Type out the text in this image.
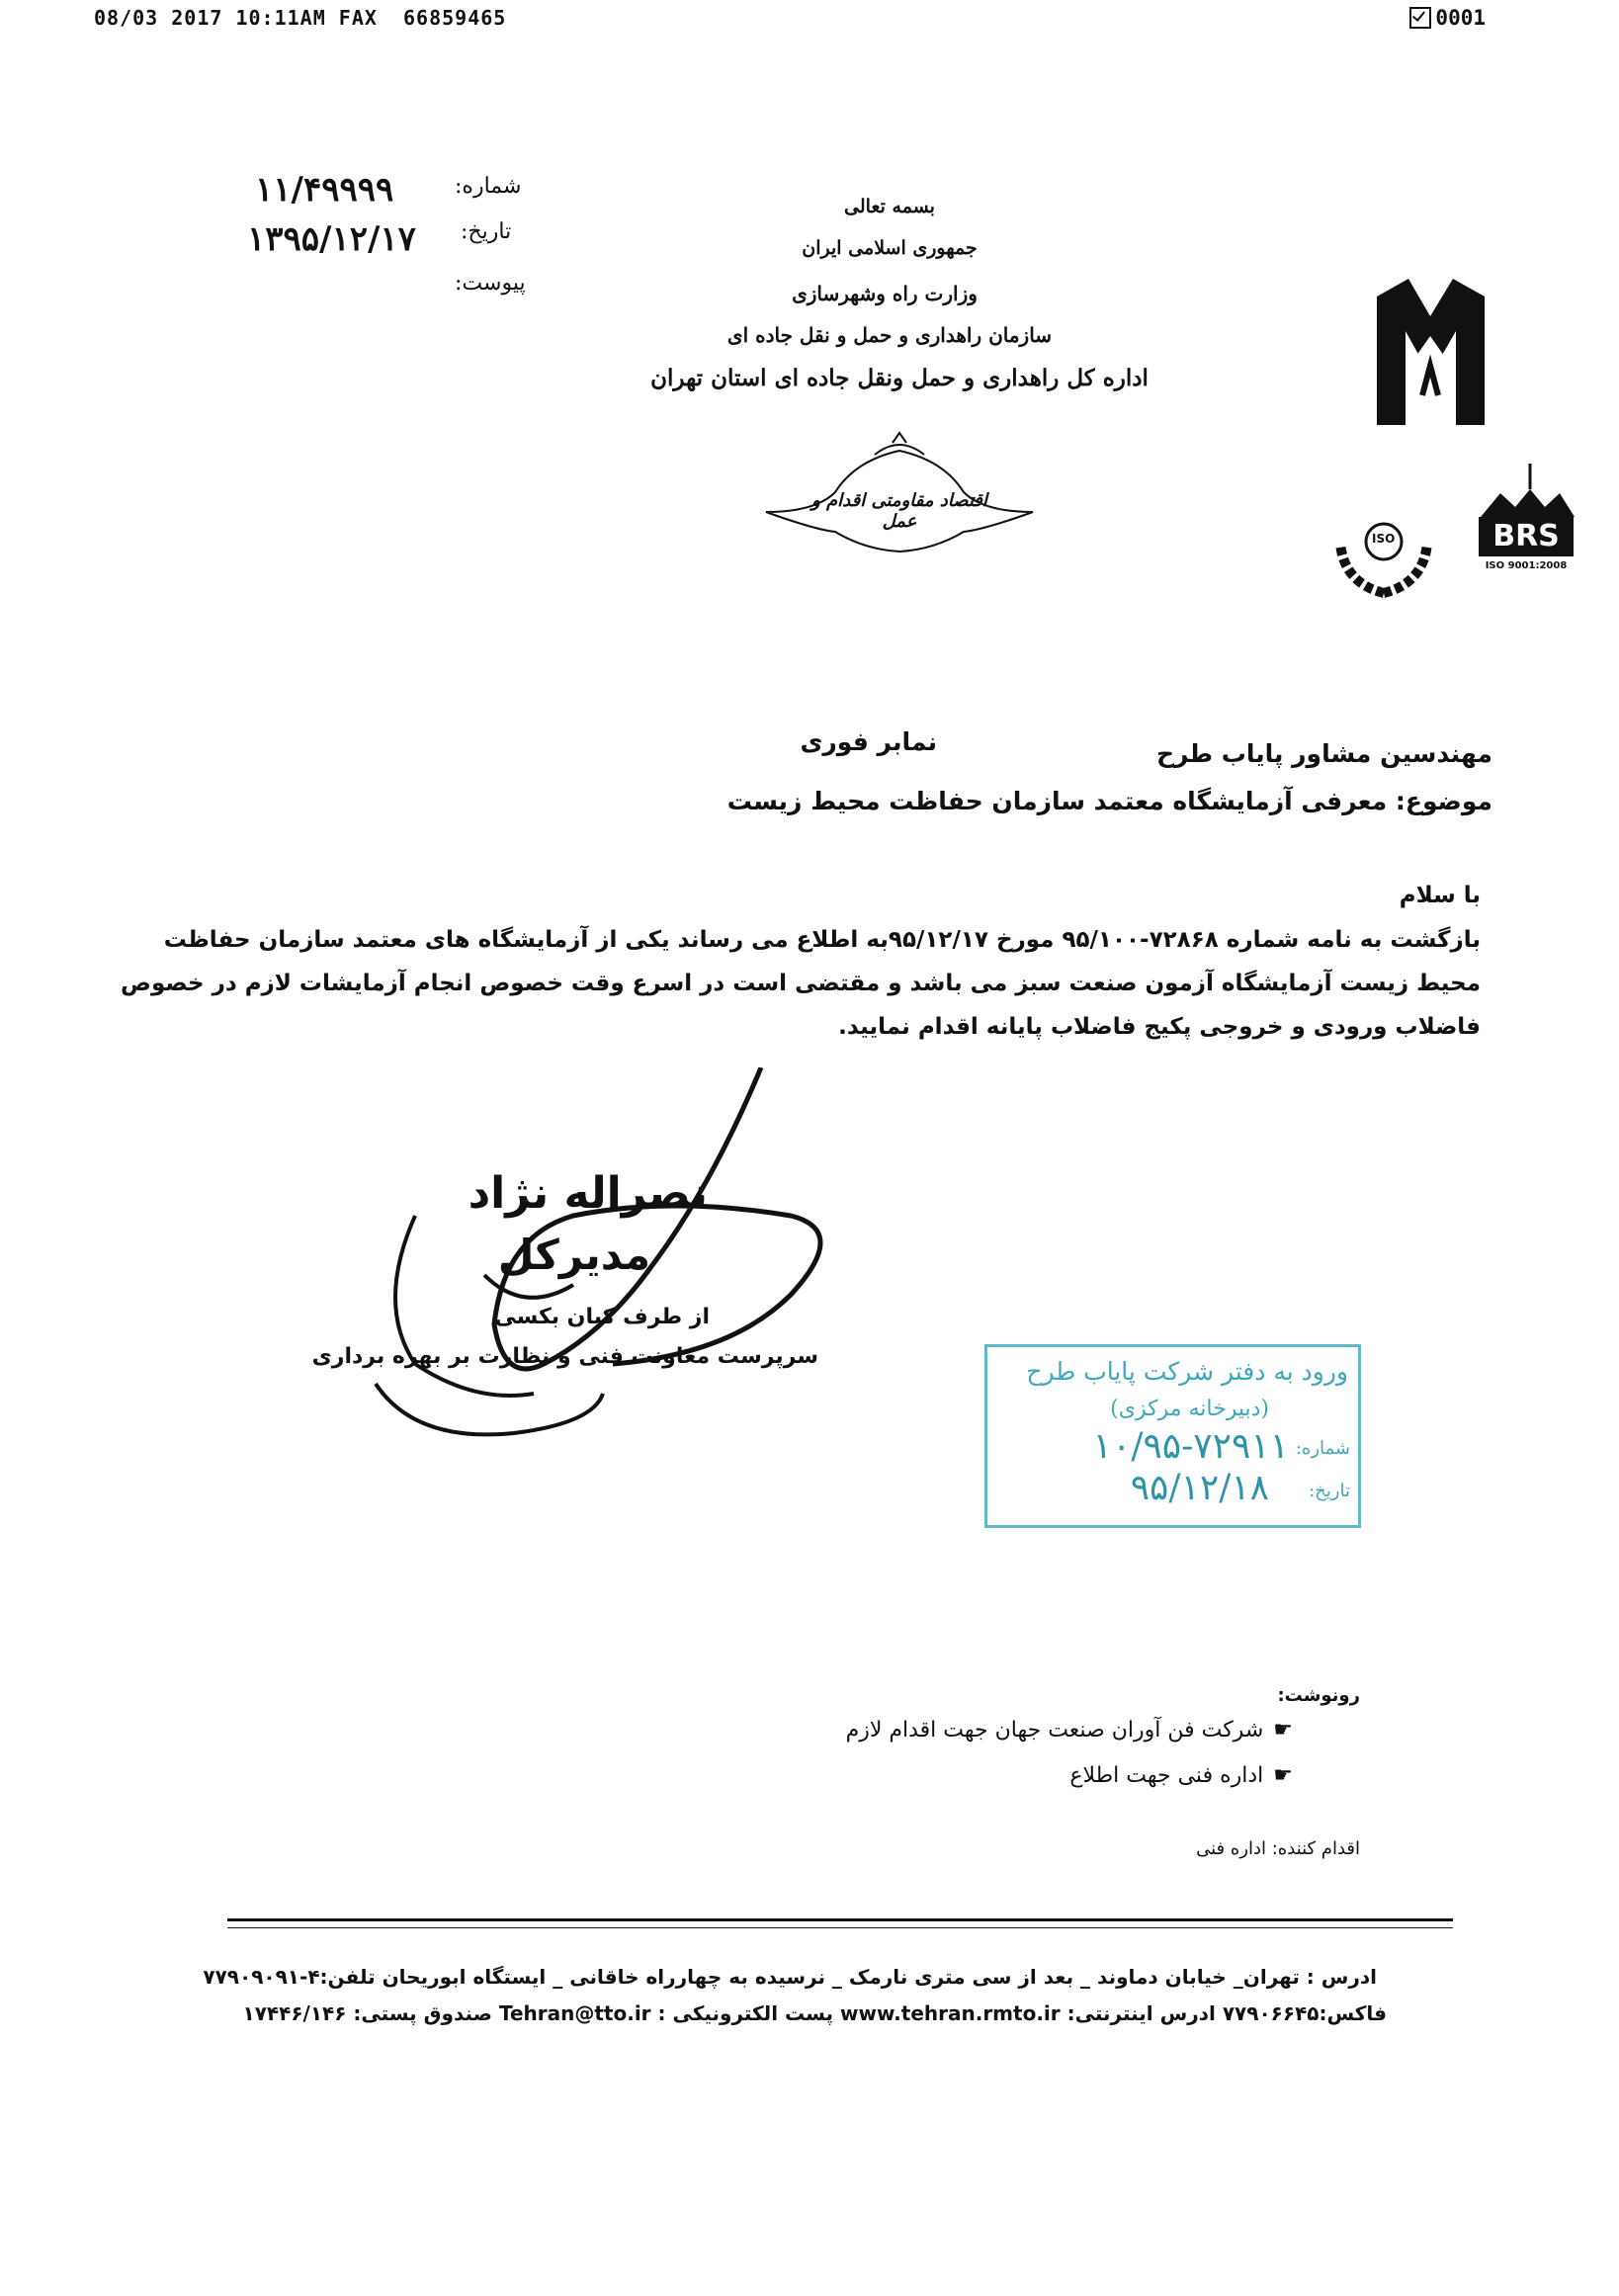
08/03 2017 10:11AM FAX  66859465	0001
شماره:
۱۱/۴۹۹۹۹
تاریخ:
۱۳۹۵/۱۲/۱۷
پیوست:
بسمه تعالی
جمهوری اسلامی ایران
وزارت راه وشهرسازی
سازمان راهداری و حمل و نقل جاده ای
اداره کل راهداری و حمل ونقل جاده ای استان تهران
اقتصاد مقاومتی اقدام و عمل
ISO	BRS
ISO 9001:2008
مهندسین مشاور پایاب طرح
نمابر فوری
موضوع: معرفی آزمایشگاه معتمد سازمان حفاظت محیط زیست
با سلام
بازگشت به نامه شماره ۷۲۸۶۸-۹۵/۱۰۰ مورخ ۹۵/۱۲/۱۷به اطلاع می رساند یکی از آزمایشگاه های معتمد سازمان حفاظت
محیط زیست آزمایشگاه آزمون صنعت سبز می باشد و مقتضی است در اسرع وقت خصوص انجام آزمایشات لازم در خصوص
فاضلاب ورودی و خروجی پکیج فاضلاب پایانه اقدام نمایید.
نصراله نژاد
مدیرکل
از طرف کیان بکسی
سرپرست معاونت فنی و نظارت بر بهره برداری
ورود به دفتر شرکت پایاب طرح
(دبیرخانه مرکزی)
شماره:
۱۰/۹۵-۷۲۹۱۱
تاریخ:
۹۵/۱۲/۱۸
رونوشت:
☛
شرکت فن آوران صنعت جهان جهت اقدام لازم
☛
اداره فنی جهت اطلاع
اقدام کننده: اداره فنی
ادرس : تهران_ خیابان دماوند _ بعد از سی متری نارمک _ نرسیده به چهارراه خاقانی _ ایستگاه ابوریحان تلفن:۴-۷۷۹۰۹۰۹۱
فاکس:۷۷۹۰۶۶۴۵ ادرس اینترنتی: www.tehran.rmto.ir پست الکترونیکی : Tehran@tto.ir صندوق پستی: ۱۷۴۴۶/۱۴۶
